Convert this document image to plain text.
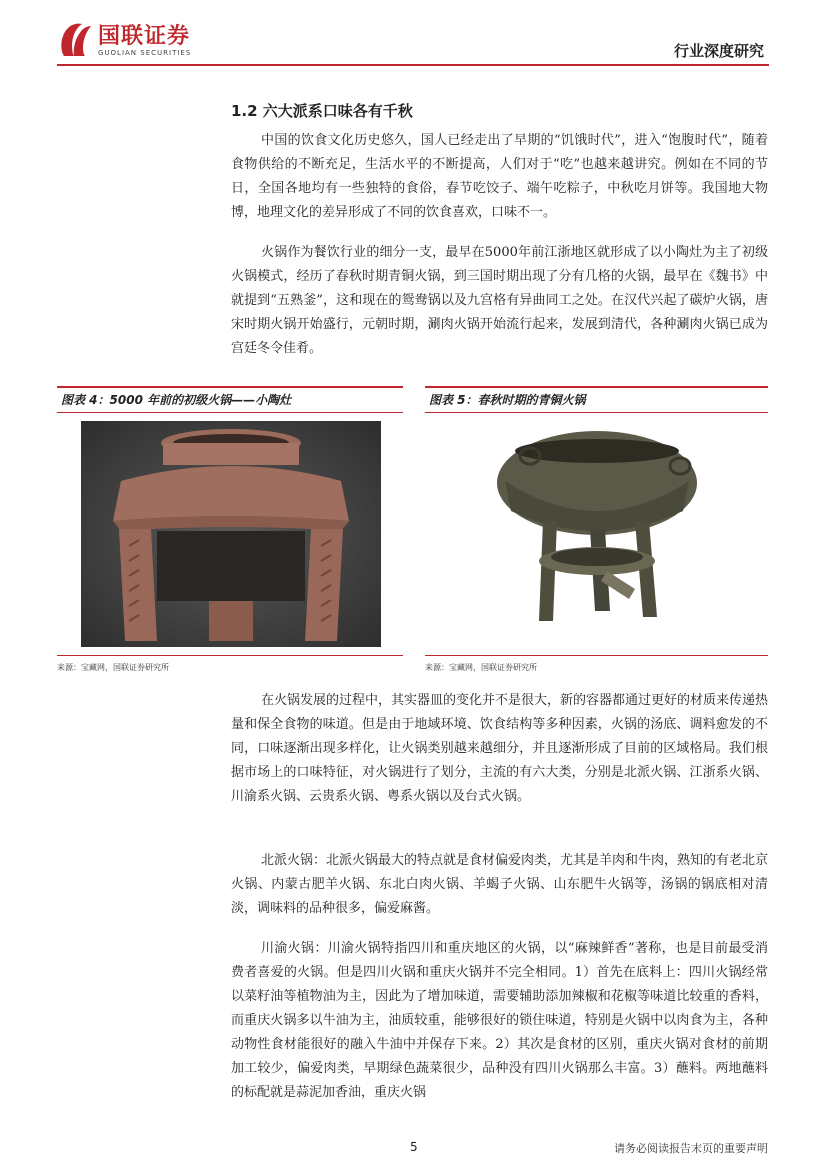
国联证券
GUOLIAN SECURITIES	行业深度研究
1.2 六大派系口味各有千秋

中国的饮食文化历史悠久，国人已经走出了早期的“饥饿时代”，进入“饱腹时代”，随着食物供给的不断充足，生活水平的不断提高，人们对于“吃”也越来越讲究。例如在不同的节日，全国各地均有一些独特的食俗，春节吃饺子、端午吃粽子，中秋吃月饼等。我国地大物博，地理文化的差异形成了不同的饮食喜欢，口味不一。

火锅作为餐饮行业的细分一支，最早在5000年前江浙地区就形成了以小陶灶为主了初级火锅模式，经历了春秋时期青铜火锅，到三国时期出现了分有几格的火锅，最早在《魏书》中就提到“五熟釜”，这和现在的鸳鸯锅以及九宫格有异曲同工之处。在汉代兴起了碳炉火锅，唐宋时期火锅开始盛行，元朝时期，涮肉火锅开始流行起来，发展到清代，各种涮肉火锅已成为宫廷冬令佳肴。

图表 4：5000 年前的初级火锅——小陶灶
来源：宝藏网，国联证券研究所
图表 5：春秋时期的青铜火锅
来源：宝藏网，国联证券研究所

在火锅发展的过程中，其实器皿的变化并不是很大，新的容器都通过更好的材质来传递热量和保全食物的味道。但是由于地域环境、饮食结构等多种因素，火锅的汤底、调料愈发的不同，口味逐渐出现多样化，让火锅类别越来越细分，并且逐渐形成了目前的区域格局。我们根据市场上的口味特征，对火锅进行了划分，主流的有六大类，分别是北派火锅、江浙系火锅、川渝系火锅、云贵系火锅、粤系火锅以及台式火锅。

北派火锅：北派火锅最大的特点就是食材偏爱肉类，尤其是羊肉和牛肉，熟知的有老北京火锅、内蒙古肥羊火锅、东北白肉火锅、羊蝎子火锅、山东肥牛火锅等，汤锅的锅底相对清淡，调味料的品种很多，偏爱麻酱。

川渝火锅：川渝火锅特指四川和重庆地区的火锅，以“麻辣鲜香”著称，也是目前最受消费者喜爱的火锅。但是四川火锅和重庆火锅并不完全相同。1）首先在底料上：四川火锅经常以菜籽油等植物油为主，因此为了增加味道，需要辅助添加辣椒和花椒等味道比较重的香料，而重庆火锅多以牛油为主，油质较重，能够很好的锁住味道，特别是火锅中以肉食为主，各种动物性食材能很好的融入牛油中并保存下来。2）其次是食材的区别，重庆火锅对食材的前期加工较少，偏爱肉类，早期绿色蔬菜很少，品种没有四川火锅那么丰富。3）蘸料。两地蘸料的标配就是蒜泥加香油，重庆火锅

5	请务必阅读报告末页的重要声明
